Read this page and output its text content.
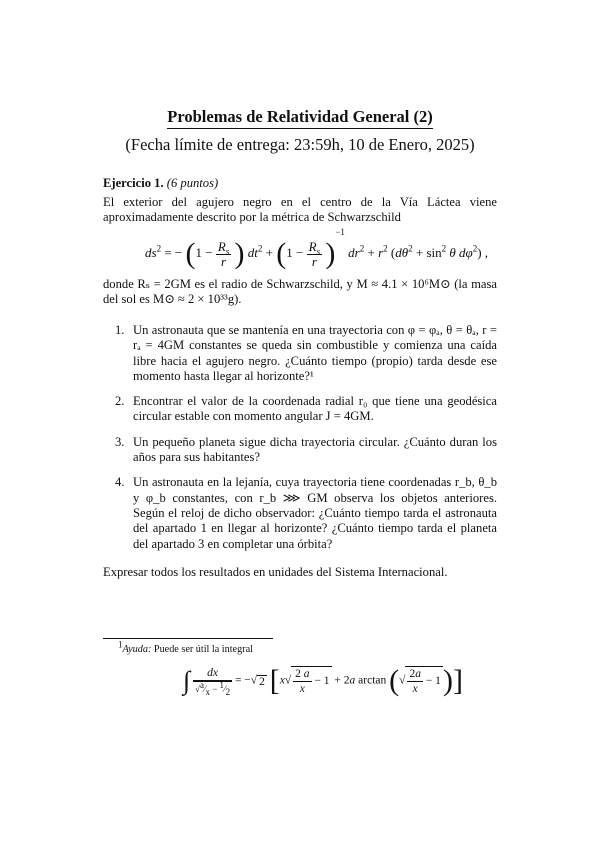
Problemas de Relatividad General (2)
(Fecha límite de entrega: 23:59h, 10 de Enero, 2025)
Ejercicio 1. (6 puntos)
El exterior del agujero negro en el centro de la Vía Láctea viene aproximadamente descrito por la métrica de Schwarzschild
$ds^2$ = − ($1 - \frac{R_s}{r}$ ) $dt^2 + (1 - \frac{R_s}{r} )^{-1}$ $dr^2 + r^2$ ($d\theta^2 + \sin^2 \theta$ $d\varphi^2$) ,
donde Rₛ = 2GM es el radio de Schwarzschild, y M ≈ 4.1 × 10⁶M⊙ (la masa del sol es M⊙ ≈ 2 × 10³³g).
1. Un astronauta que se mantenía en una trayectoria con φ = φₐ, θ = θₐ, r = rₐ = 4GM constantes se queda sin combustible y comienza una caída libre hacia el agujero negro. ¿Cuánto tiempo (propio) tarda desde ese momento hasta llegar al horizonte?¹
2. Encontrar el valor de la coordenada radial r₀ que tiene una geodésica circular estable con momento angular J = 4GM.
3. Un pequeño planeta sigue dicha trayectoria circular. ¿Cuánto duran los años para sus habitantes?
4. Un astronauta en la lejanía, cuya trayectoria tiene coordenadas r_b, θ_b y φ_b constantes, con r_b ⋙ GM observa los objetos anteriores. Según el reloj de dicho observador: ¿Cuánto tiempo tarda el astronauta del apartado 1 en llegar al horizonte? ¿Cuánto tiempo tarda el planeta del apartado 3 en completar una órbita?
Expresar todos los resultados en unidades del Sistema Internacional.
$^1$Ayuda: Puede ser útil la integral
∫ $\frac{dx}{√^a⁄_x - ^1⁄_2}$ = −√ 2 [$x√ \frac{2 a}{x} - 1 + 2a$ arctan (√ $\frac{2a}{x} - 1$)]
